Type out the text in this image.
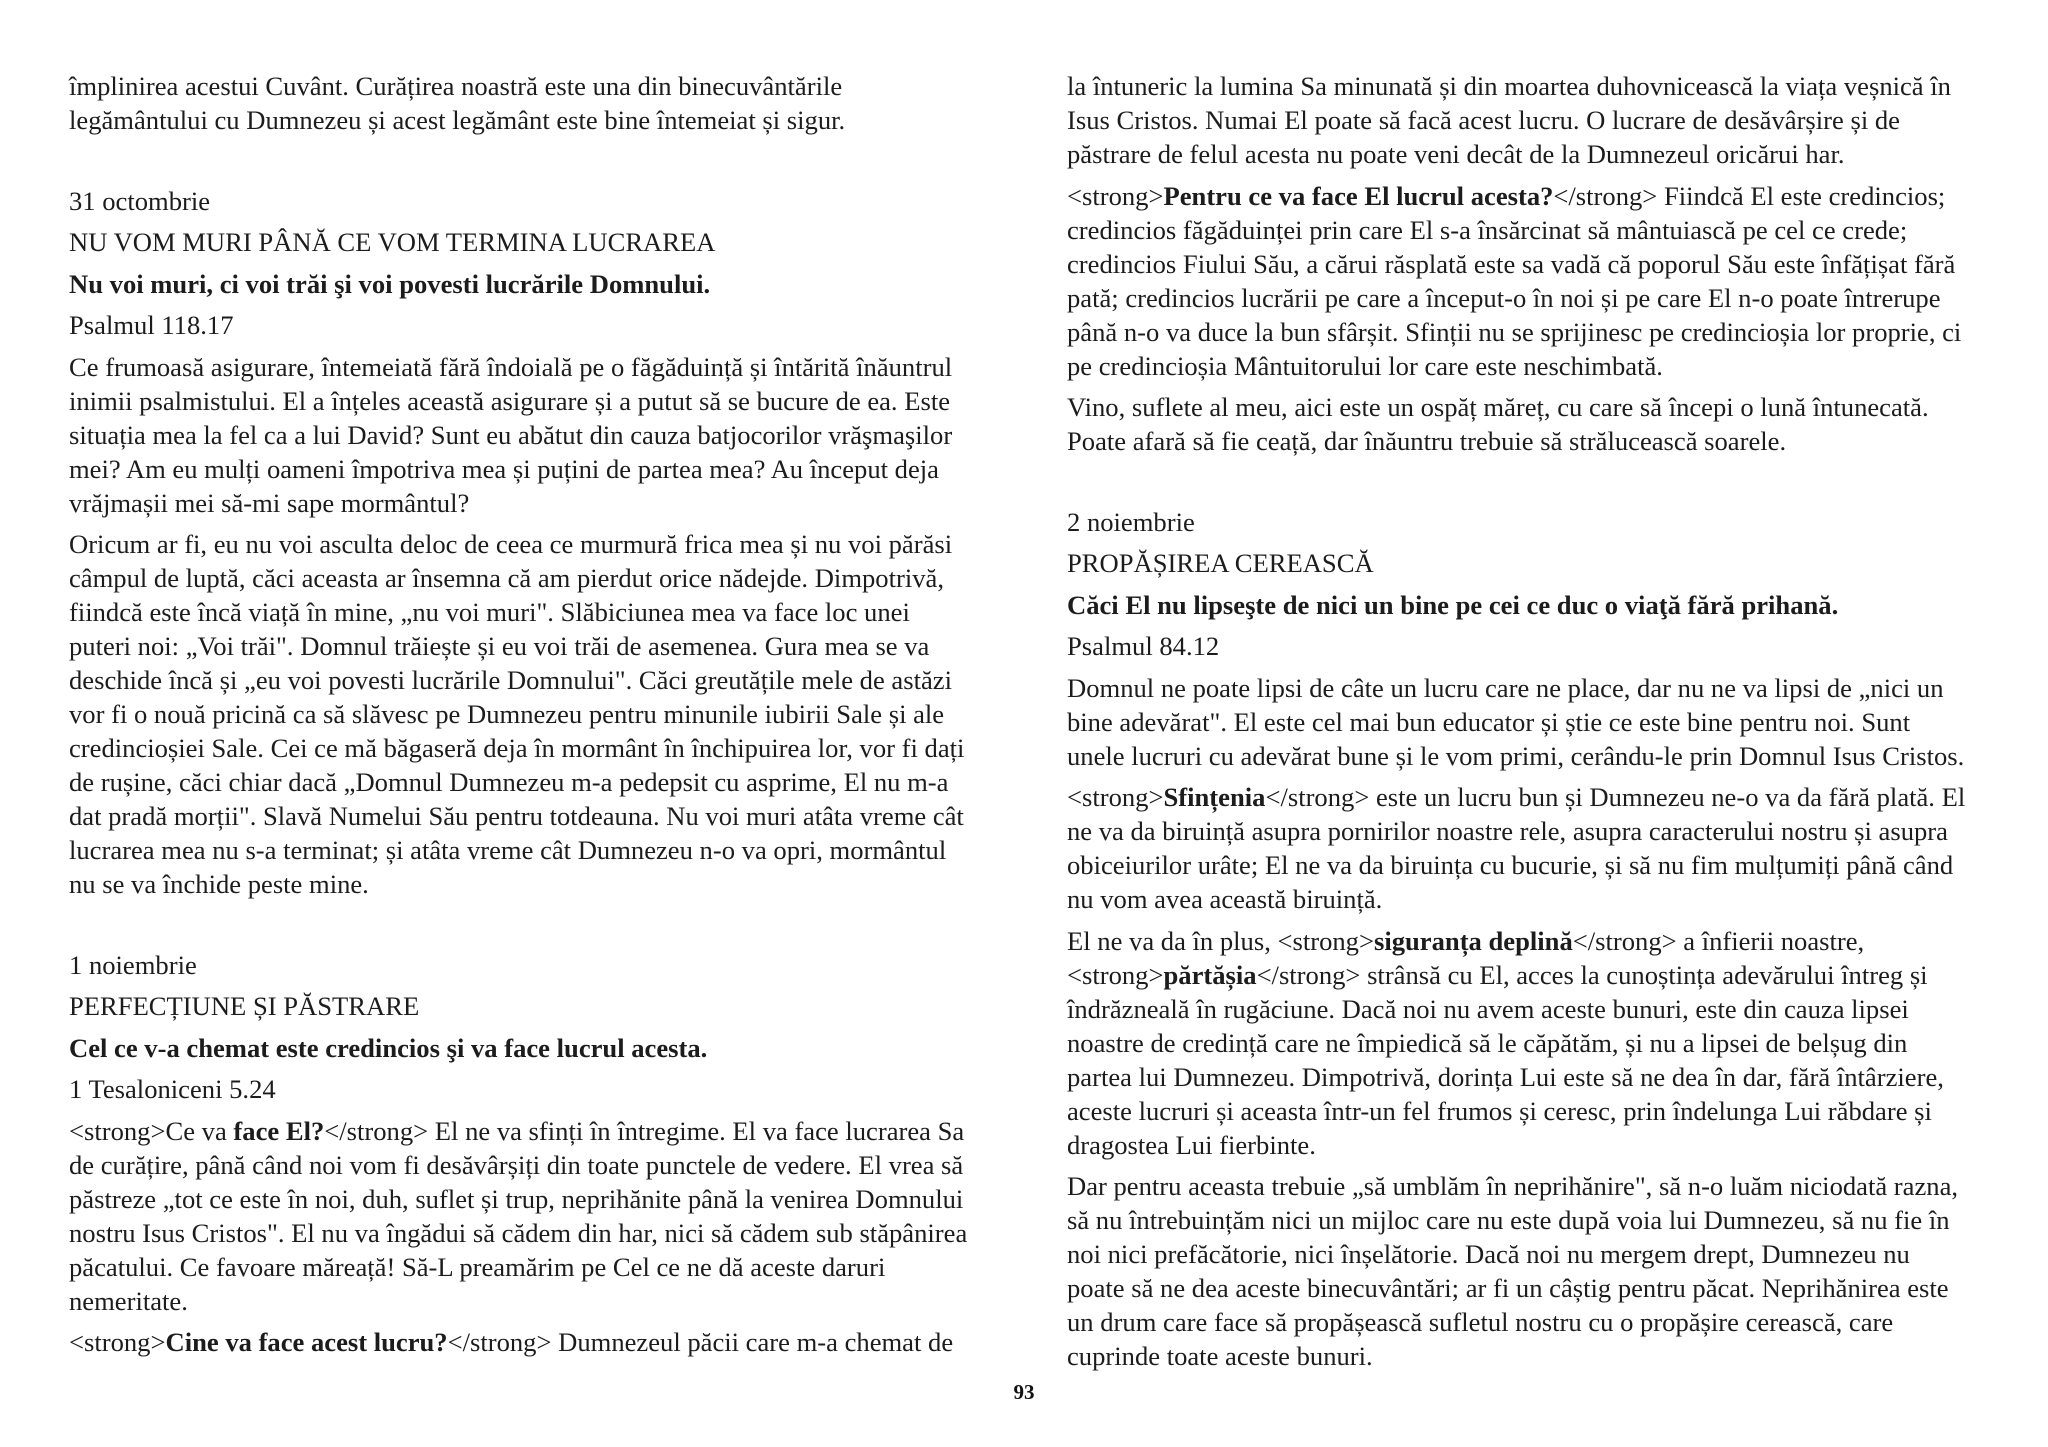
împlinirea acestui Cuvânt. Curățirea noastră este una din binecuvântările
legământului cu Dumnezeu și acest legământ este bine întemeiat și sigur.
31 octombrie
NU VOM MURI PÂNĂ CE VOM TERMINA LUCRAREA
Nu voi muri, ci voi trăi şi voi povesti lucrările Domnului.
Psalmul 118.17
Ce frumoasă asigurare, întemeiată fără îndoială pe o făgăduință și întărită înăuntrul
inimii psalmistului. El a înțeles această asigurare și a putut să se bucure de ea. Este
situația mea la fel ca a lui David? Sunt eu abătut din cauza batjocorilor vrăşmaşilor
mei? Am eu mulți oameni împotriva mea și puțini de partea mea? Au început deja
vrăjmașii mei să-mi sape mormântul?
Oricum ar fi, eu nu voi asculta deloc de ceea ce murmură frica mea și nu voi părăsi
câmpul de luptă, căci aceasta ar însemna că am pierdut orice nădejde. Dimpotrivă,
fiindcă este încă viață în mine, „nu voi muri". Slăbiciunea mea va face loc unei
puteri noi: „Voi trăi". Domnul trăiește și eu voi trăi de asemenea. Gura mea se va
deschide încă și „eu voi povesti lucrările Domnului". Căci greutățile mele de astăzi
vor fi o nouă pricină ca să slăvesc pe Dumnezeu pentru minunile iubirii Sale și ale
credincioșiei Sale. Cei ce mă băgaseră deja în mormânt în închipuirea lor, vor fi dați
de rușine, căci chiar dacă „Domnul Dumnezeu m-a pedepsit cu asprime, El nu m-a
dat pradă morții". Slavă Numelui Său pentru totdeauna. Nu voi muri atâta vreme cât
lucrarea mea nu s-a terminat; și atâta vreme cât Dumnezeu n-o va opri, mormântul
nu se va închide peste mine.
1 noiembrie
PERFECȚIUNE ȘI PĂSTRARE
Cel ce v-a chemat este credincios şi va face lucrul acesta.
1 Tesaloniceni 5.24
<strong>Ce va face El?</strong> El ne va sfinți în întregime. El va face lucrarea Sa
de curățire, până când noi vom fi desăvârșiți din toate punctele de vedere. El vrea să
păstreze „tot ce este în noi, duh, suflet și trup, neprihănite până la venirea Domnului
nostru Isus Cristos". El nu va îngădui să cădem din har, nici să cădem sub stăpânirea
păcatului. Ce favoare măreață! Să-L preamărim pe Cel ce ne dă aceste daruri
nemeritate.
<strong>Cine va face acest lucru?</strong> Dumnezeul păcii care m-a chemat de
la întuneric la lumina Sa minunată și din moartea duhovnicească la viața veșnică în
Isus Cristos. Numai El poate să facă acest lucru. O lucrare de desăvârșire și de
păstrare de felul acesta nu poate veni decât de la Dumnezeul oricărui har.
<strong>Pentru ce va face El lucrul acesta?</strong> Fiindcă El este credincios;
credincios făgăduinței prin care El s-a însărcinat să mântuiască pe cel ce crede;
credincios Fiului Său, a cărui răsplată este sa vadă că poporul Său este înfățișat fără
pată; credincios lucrării pe care a început-o în noi și pe care El n-o poate întrerupe
până n-o va duce la bun sfârșit. Sfinții nu se sprijinesc pe credincioșia lor proprie, ci
pe credincioșia Mântuitorului lor care este neschimbată.
Vino, suflete al meu, aici este un ospăț măreț, cu care să începi o lună întunecată.
Poate afară să fie ceață, dar înăuntru trebuie să strălucească soarele.
2 noiembrie
PROPĂȘIREA CEREASCĂ
Căci El nu lipseşte de nici un bine pe cei ce duc o viaţă fără prihană.
Psalmul 84.12
Domnul ne poate lipsi de câte un lucru care ne place, dar nu ne va lipsi de „nici un
bine adevărat". El este cel mai bun educator și știe ce este bine pentru noi. Sunt
unele lucruri cu adevărat bune și le vom primi, cerându-le prin Domnul Isus Cristos.
<strong>Sfințenia</strong> este un lucru bun și Dumnezeu ne-o va da fără plată. El
ne va da biruință asupra pornirilor noastre rele, asupra caracterului nostru și asupra
obiceiurilor urâte; El ne va da biruința cu bucurie, și să nu fim mulțumiți până când
nu vom avea această biruință.
El ne va da în plus, <strong>siguranța deplină</strong> a înfierii noastre,
<strong>părtășia</strong> strânsă cu El, acces la cunoștința adevărului întreg și
îndrăzneală în rugăciune. Dacă noi nu avem aceste bunuri, este din cauza lipsei
noastre de credință care ne împiedică să le căpătăm, și nu a lipsei de belșug din
partea lui Dumnezeu. Dimpotrivă, dorința Lui este să ne dea în dar, fără întârziere,
aceste lucruri și aceasta într-un fel frumos și ceresc, prin îndelunga Lui răbdare și
dragostea Lui fierbinte.
Dar pentru aceasta trebuie „să umblăm în neprihănire", să n-o luăm niciodată razna,
să nu întrebuințăm nici un mijloc care nu este după voia lui Dumnezeu, să nu fie în
noi nici prefăcătorie, nici înșelătorie. Dacă noi nu mergem drept, Dumnezeu nu
poate să ne dea aceste binecuvântări; ar fi un câștig pentru păcat. Neprihănirea este
un drum care face să propășească sufletul nostru cu o propășire cerească, care
cuprinde toate aceste bunuri.
93
